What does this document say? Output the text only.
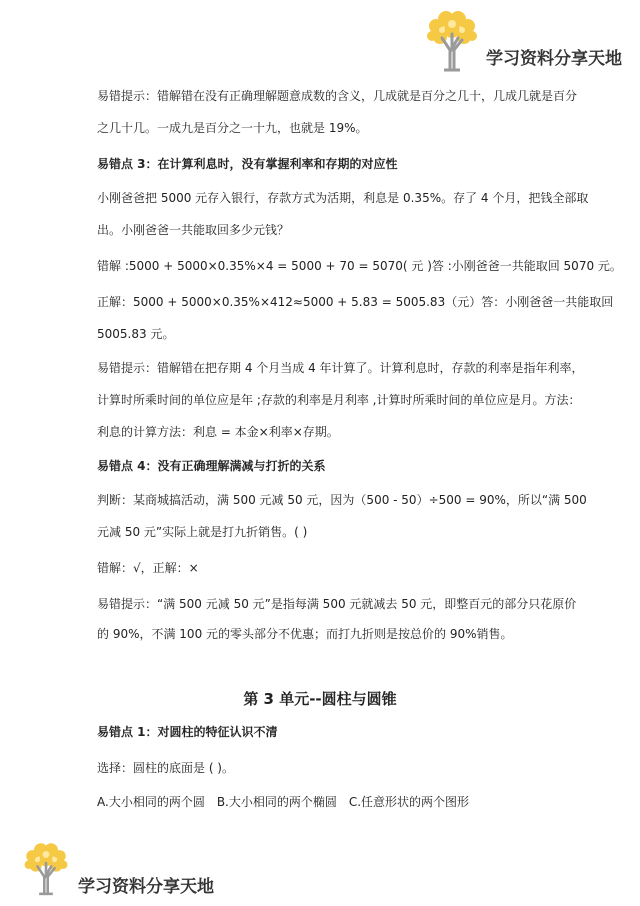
学习资料分享天地

易错提示：错解错在没有正确理解题意成数的含义，几成就是百分之几十，几成几就是百分

之几十几。一成九是百分之一十九，也就是 19%。

易错点 3：在计算利息时，没有掌握利率和存期的对应性

小刚爸爸把 5000 元存入银行，存款方式为活期，利息是 0.35%。存了 4 个月，把钱全部取

出。小刚爸爸一共能取回多少元钱？

错解 :5000 + 5000×0.35%×4 = 5000 + 70 = 5070( 元 )答 :小刚爸爸一共能取回 5070 元。

正解：5000 + 5000×0.35%×412≈5000 + 5.83 = 5005.83（元）答：小刚爸爸一共能取回

5005.83 元。

易错提示：错解错在把存期 4 个月当成 4 年计算了。计算利息时，存款的利率是指年利率，

计算时所乘时间的单位应是年 ;存款的利率是月利率 ,计算时所乘时间的单位应是月。方法：

利息的计算方法：利息 = 本金×利率×存期。

易错点 4：没有正确理解满减与打折的关系

判断：某商城搞活动，满 500 元减 50 元，因为（500 - 50）÷500 = 90%，所以“满 500

元减 50 元”实际上就是打九折销售。( )

错解：√，正解：×

易错提示：“满 500 元减 50 元”是指每满 500 元就减去 50 元，即整百元的部分只花原价

的 90%，不满 100 元的零头部分不优惠；而打九折则是按总价的 90%销售。

第 3 单元--圆柱与圆锥

易错点 1：对圆柱的特征认识不清

选择：圆柱的底面是 ( )。

A.大小相同的两个圆　B.大小相同的两个椭圆　C.任意形状的两个图形

学习资料分享天地
